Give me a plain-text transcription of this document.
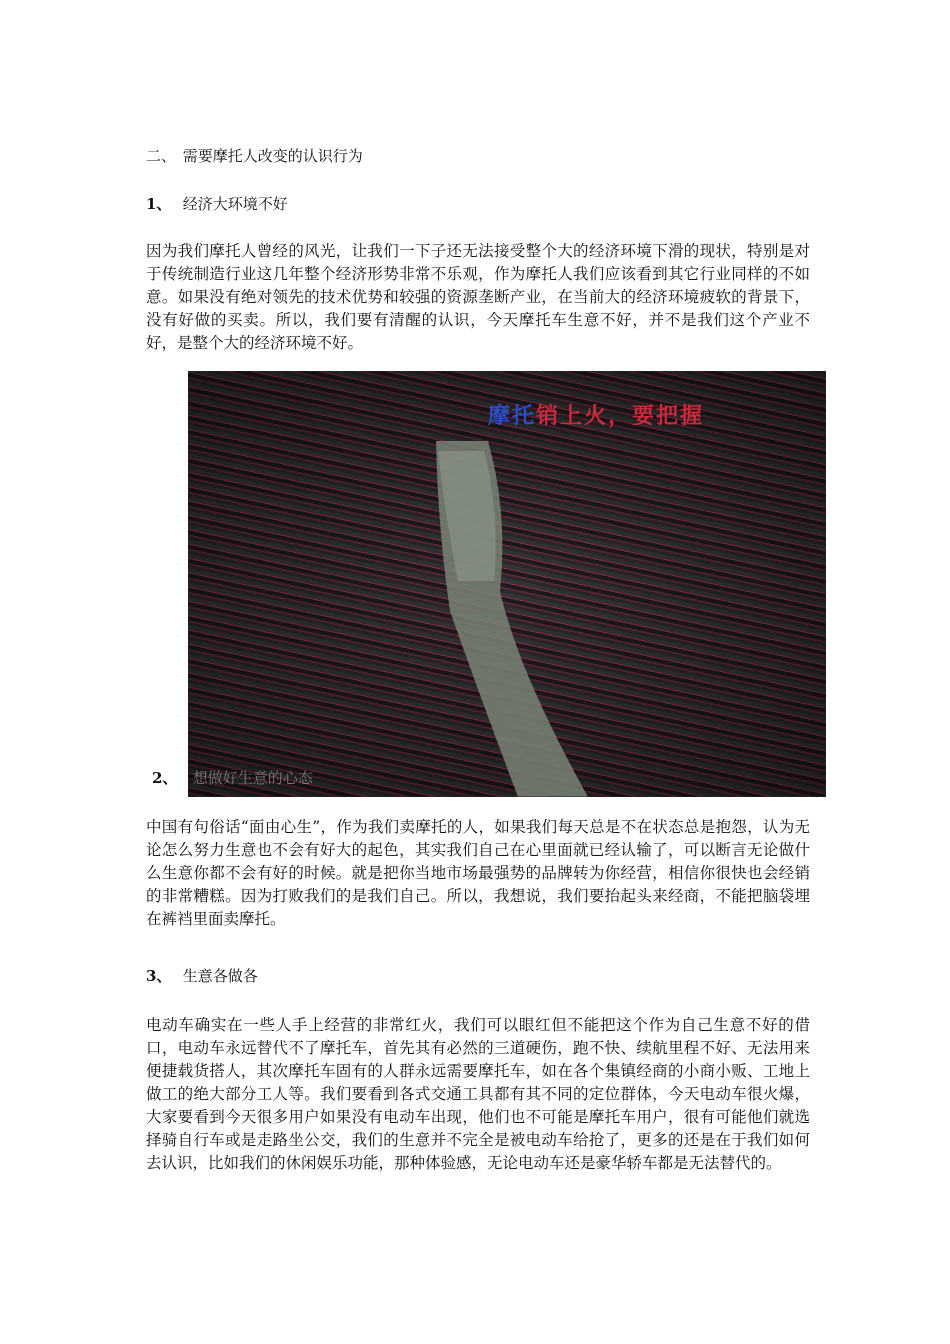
二、 需要摩托人改变的认识行为
1、 经济大环境不好
因为我们摩托人曾经的风光，让我们一下子还无法接受整个大的经济环境下滑的现状，特别是对于传统制造行业这几年整个经济形势非常不乐观，作为摩托人我们应该看到其它行业同样的不如意。如果没有绝对领先的技术优势和较强的资源垄断产业，在当前大的经济环境疲软的背景下，没有好做的买卖。所以，我们要有清醒的认识，今天摩托车生意不好，并不是我们这个产业不好，是整个大的经济环境不好。
摩托销上火，要把握
2、 想做好生意的心态
中国有句俗话“面由心生”，作为我们卖摩托的人，如果我们每天总是不在状态总是抱怨，认为无论怎么努力生意也不会有好大的起色，其实我们自己在心里面就已经认输了，可以断言无论做什么生意你都不会有好的时候。就是把你当地市场最强势的品牌转为你经营，相信你很快也会经销的非常糟糕。因为打败我们的是我们自己。所以，我想说，我们要抬起头来经商，不能把脑袋埋在裤裆里面卖摩托。
3、 生意各做各
电动车确实在一些人手上经营的非常红火，我们可以眼红但不能把这个作为自己生意不好的借口，电动车永远替代不了摩托车，首先其有必然的三道硬伤，跑不快、续航里程不好、无法用来便捷载货搭人，其次摩托车固有的人群永远需要摩托车，如在各个集镇经商的小商小贩、工地上做工的绝大部分工人等。我们要看到各式交通工具都有其不同的定位群体，今天电动车很火爆，大家要看到今天很多用户如果没有电动车出现，他们也不可能是摩托车用户，很有可能他们就选择骑自行车或是走路坐公交，我们的生意并不完全是被电动车给抢了，更多的还是在于我们如何去认识，比如我们的休闲娱乐功能，那种体验感，无论电动车还是豪华轿车都是无法替代的。
